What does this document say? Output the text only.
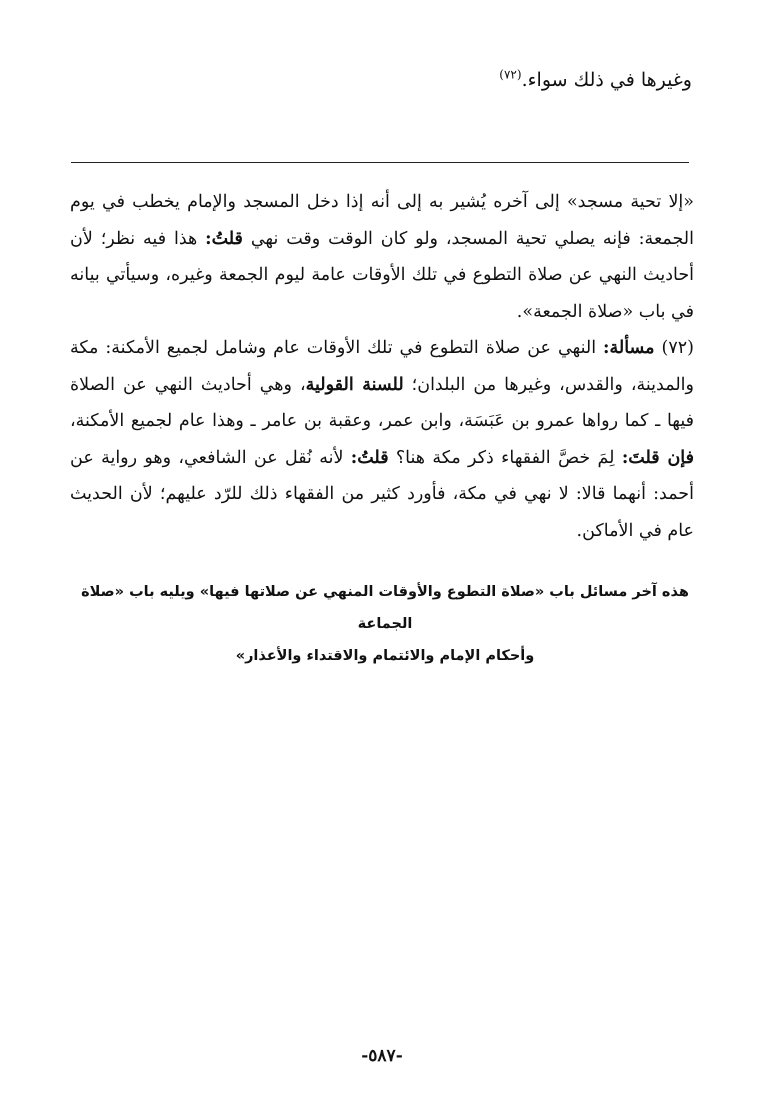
وغيرها في ذلك سواء.$^{(٧٢)}$

«إلا تحية مسجد» إلى آخره يُشير به إلى أنه إذا دخل المسجد والإمام يخطب في يوم الجمعة: فإنه يصلي تحية المسجد، ولو كان الوقت وقت نهي قلتُ: هذا فيه نظر؛ لأن أحاديث النهي عن صلاة التطوع في تلك الأوقات عامة ليوم الجمعة وغيره، وسيأتي بيانه في باب «صلاة الجمعة».

(٧٢) مسألة: النهي عن صلاة التطوع في تلك الأوقات عام وشامل لجميع الأمكنة: مكة والمدينة، والقدس، وغيرها من البلدان؛ للسنة القولية، وهي أحاديث النهي عن الصلاة فيها ـ كما رواها عمرو بن عَبَسَة، وابن عمر، وعقبة بن عامر ـ وهذا عام لجميع الأمكنة، فإن قلتَ: لِمَ خصَّ الفقهاء ذكر مكة هنا؟ قلتُ: لأنه نُقل عن الشافعي، وهو رواية عن أحمد: أنهما قالا: لا نهي في مكة، فأورد كثير من الفقهاء ذلك للرّد عليهم؛ لأن الحديث عام في الأماكن.

هذه آخر مسائل باب «صلاة التطوع والأوقات المنهي عن صلاتها فيها» ويليه باب «صلاة الجماعة

وأحكام الإمام والائتمام والاقتداء والأعذار»

-٥٨٧-
